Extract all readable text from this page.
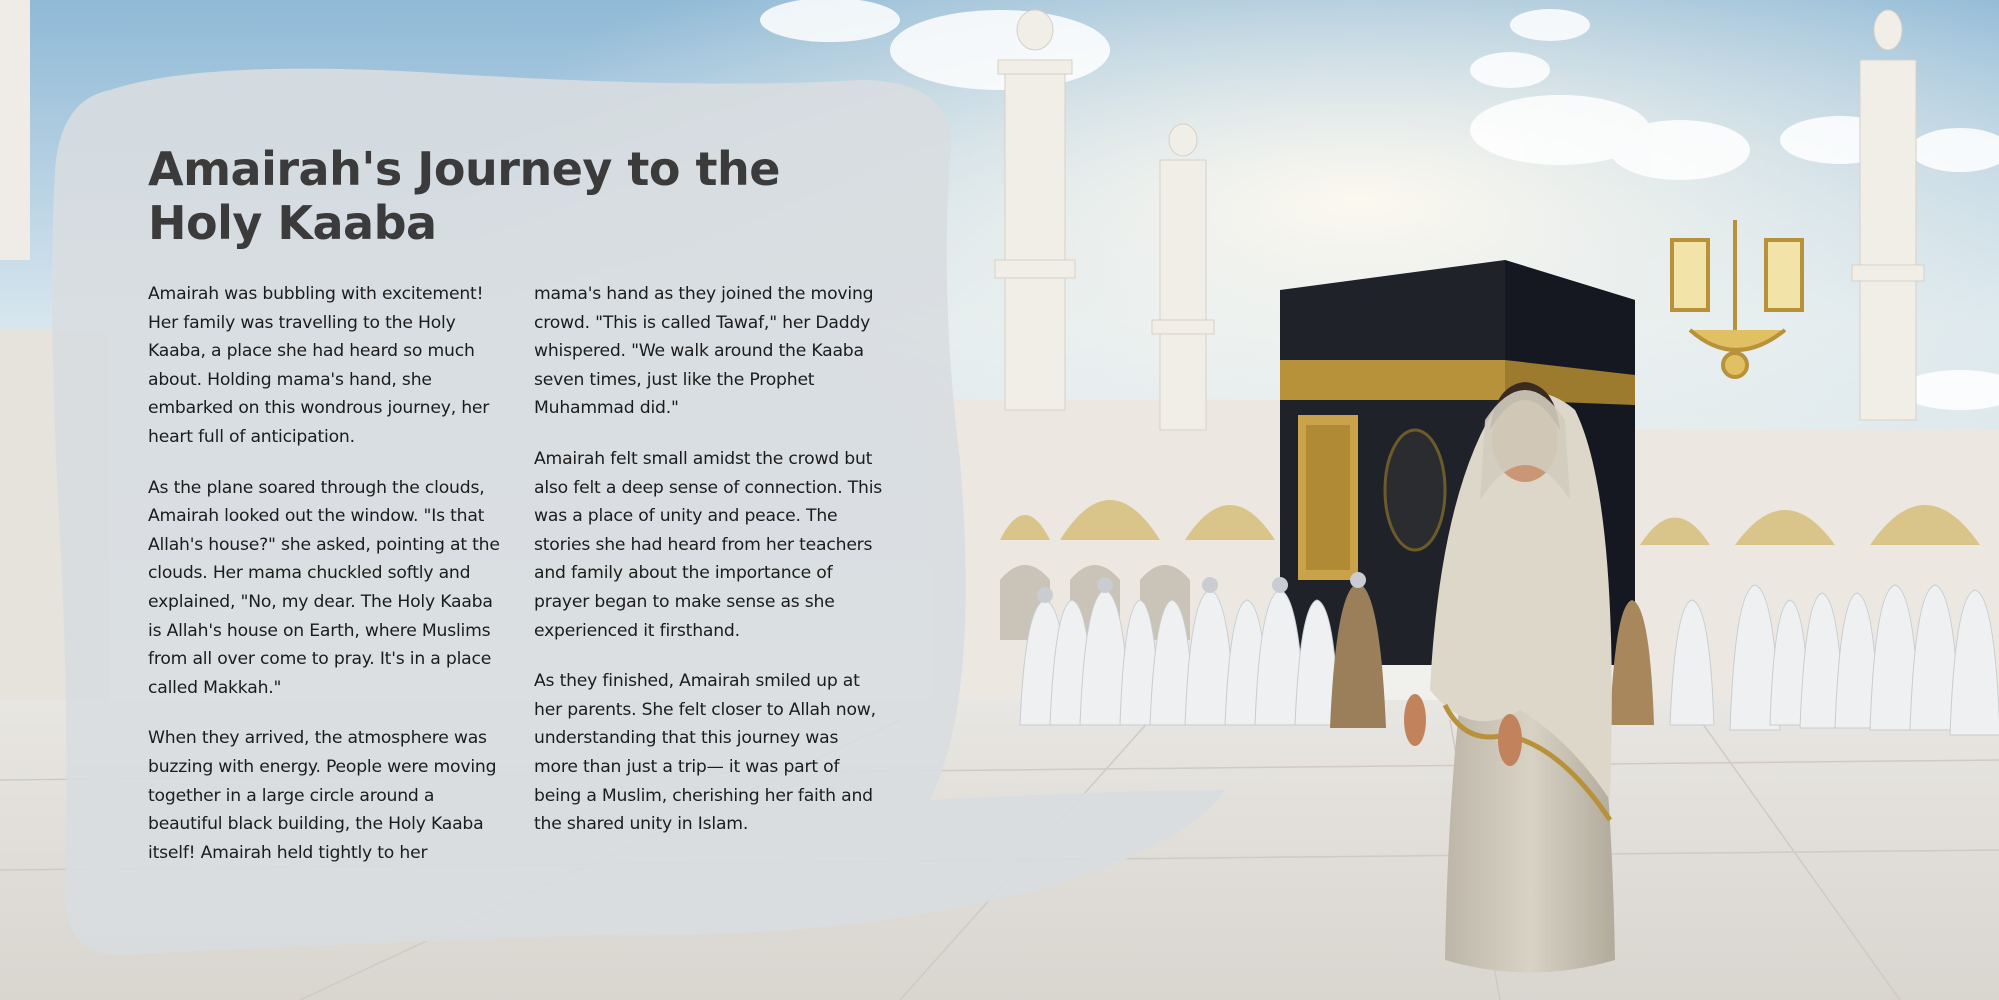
Amairah's Journey to the Holy Kaaba

Amairah was bubbling with excitement! Her family was travelling to the Holy Kaaba, a place she had heard so much about. Holding mama's hand, she embarked on this wondrous journey, her heart full of anticipation.

As the plane soared through the clouds, Amairah looked out the window. "Is that Allah's house?" she asked, pointing at the clouds. Her mama chuckled softly and explained, "No, my dear. The Holy Kaaba is Allah's house on Earth, where Muslims from all over come to pray. It's in a place called Makkah."

When they arrived, the atmosphere was buzzing with energy. People were moving together in a large circle around a beautiful black building, the Holy Kaaba itself! Amairah held tightly to her

mama's hand as they joined the moving crowd. "This is called Tawaf," her Daddy whispered. "We walk around the Kaaba seven times, just like the Prophet Muhammad did."

Amairah felt small amidst the crowd but also felt a deep sense of connection. This was a place of unity and peace. The stories she had heard from her teachers and family about the importance of prayer began to make sense as she experienced it firsthand.

As they finished, Amairah smiled up at her parents. She felt closer to Allah now, understanding that this journey was more than just a trip— it was part of being a Muslim, cherishing her faith and the shared unity in Islam.
